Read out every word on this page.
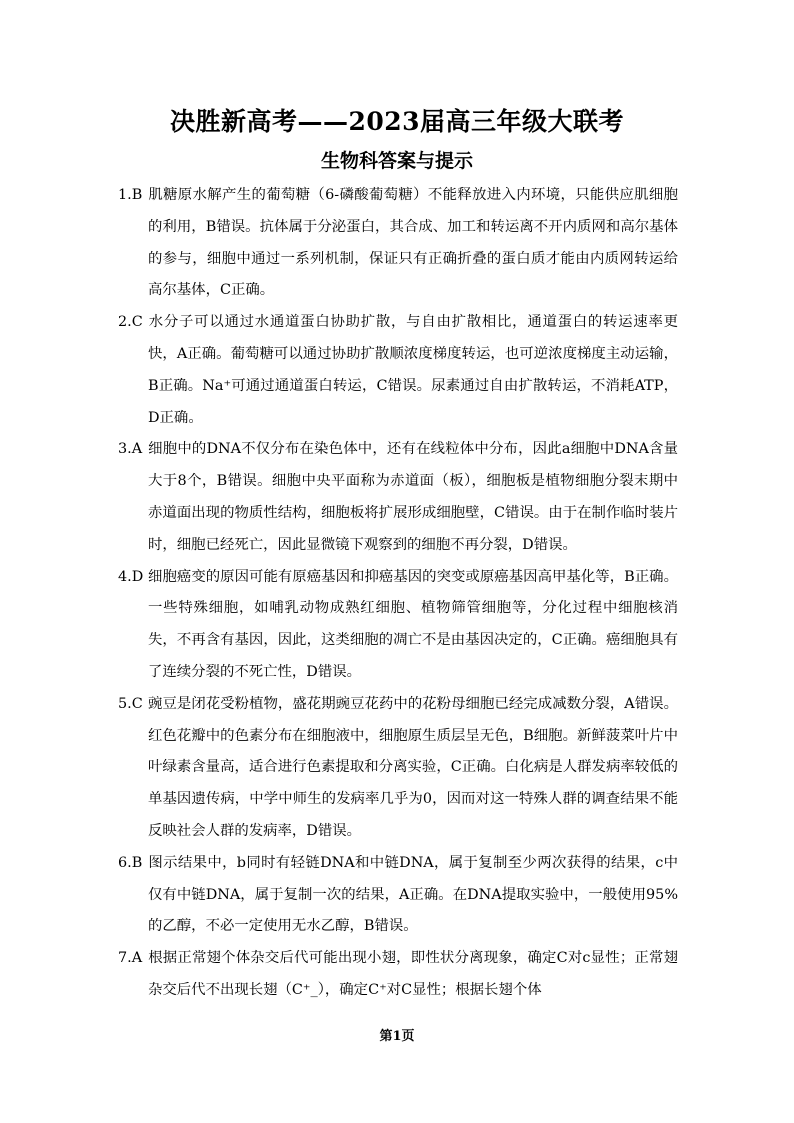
决胜新高考——2023届高三年级大联考
生物科答案与提示

1.B 肌糖原水解产生的葡萄糖（6-磷酸葡萄糖）不能释放进入内环境，只能供应肌细胞的利用，B错误。抗体属于分泌蛋白，其合成、加工和转运离不开内质网和高尔基体的参与，细胞中通过一系列机制，保证只有正确折叠的蛋白质才能由内质网转运给高尔基体，C正确。

2.C 水分子可以通过水通道蛋白协助扩散，与自由扩散相比，通道蛋白的转运速率更快，A正确。葡萄糖可以通过协助扩散顺浓度梯度转运，也可逆浓度梯度主动运输，B正确。Na⁺可通过通道蛋白转运，C错误。尿素通过自由扩散转运，不消耗ATP，D正确。

3.A 细胞中的DNA不仅分布在染色体中，还有在线粒体中分布，因此a细胞中DNA含量大于8个，B错误。细胞中央平面称为赤道面（板），细胞板是植物细胞分裂末期中赤道面出现的物质性结构，细胞板将扩展形成细胞壁，C错误。由于在制作临时装片时，细胞已经死亡，因此显微镜下观察到的细胞不再分裂，D错误。

4.D 细胞癌变的原因可能有原癌基因和抑癌基因的突变或原癌基因高甲基化等，B正确。一些特殊细胞，如哺乳动物成熟红细胞、植物筛管细胞等，分化过程中细胞核消失，不再含有基因，因此，这类细胞的凋亡不是由基因决定的，C正确。癌细胞具有了连续分裂的不死亡性，D错误。

5.C 豌豆是闭花受粉植物，盛花期豌豆花药中的花粉母细胞已经完成减数分裂，A错误。红色花瓣中的色素分布在细胞液中，细胞原生质层呈无色，B细胞。新鲜菠菜叶片中叶绿素含量高，适合进行色素提取和分离实验，C正确。白化病是人群发病率较低的单基因遗传病，中学中师生的发病率几乎为0，因而对这一特殊人群的调查结果不能反映社会人群的发病率，D错误。

6.B 图示结果中，b同时有轻链DNA和中链DNA，属于复制至少两次获得的结果，c中仅有中链DNA，属于复制一次的结果，A正确。在DNA提取实验中，一般使用95%的乙醇，不必一定使用无水乙醇，B错误。

7.A 根据正常翅个体杂交后代可能出现小翅，即性状分离现象，确定C对c显性；正常翅杂交后代不出现长翅（C⁺_），确定C⁺对C显性；根据长翅个体

第1页
